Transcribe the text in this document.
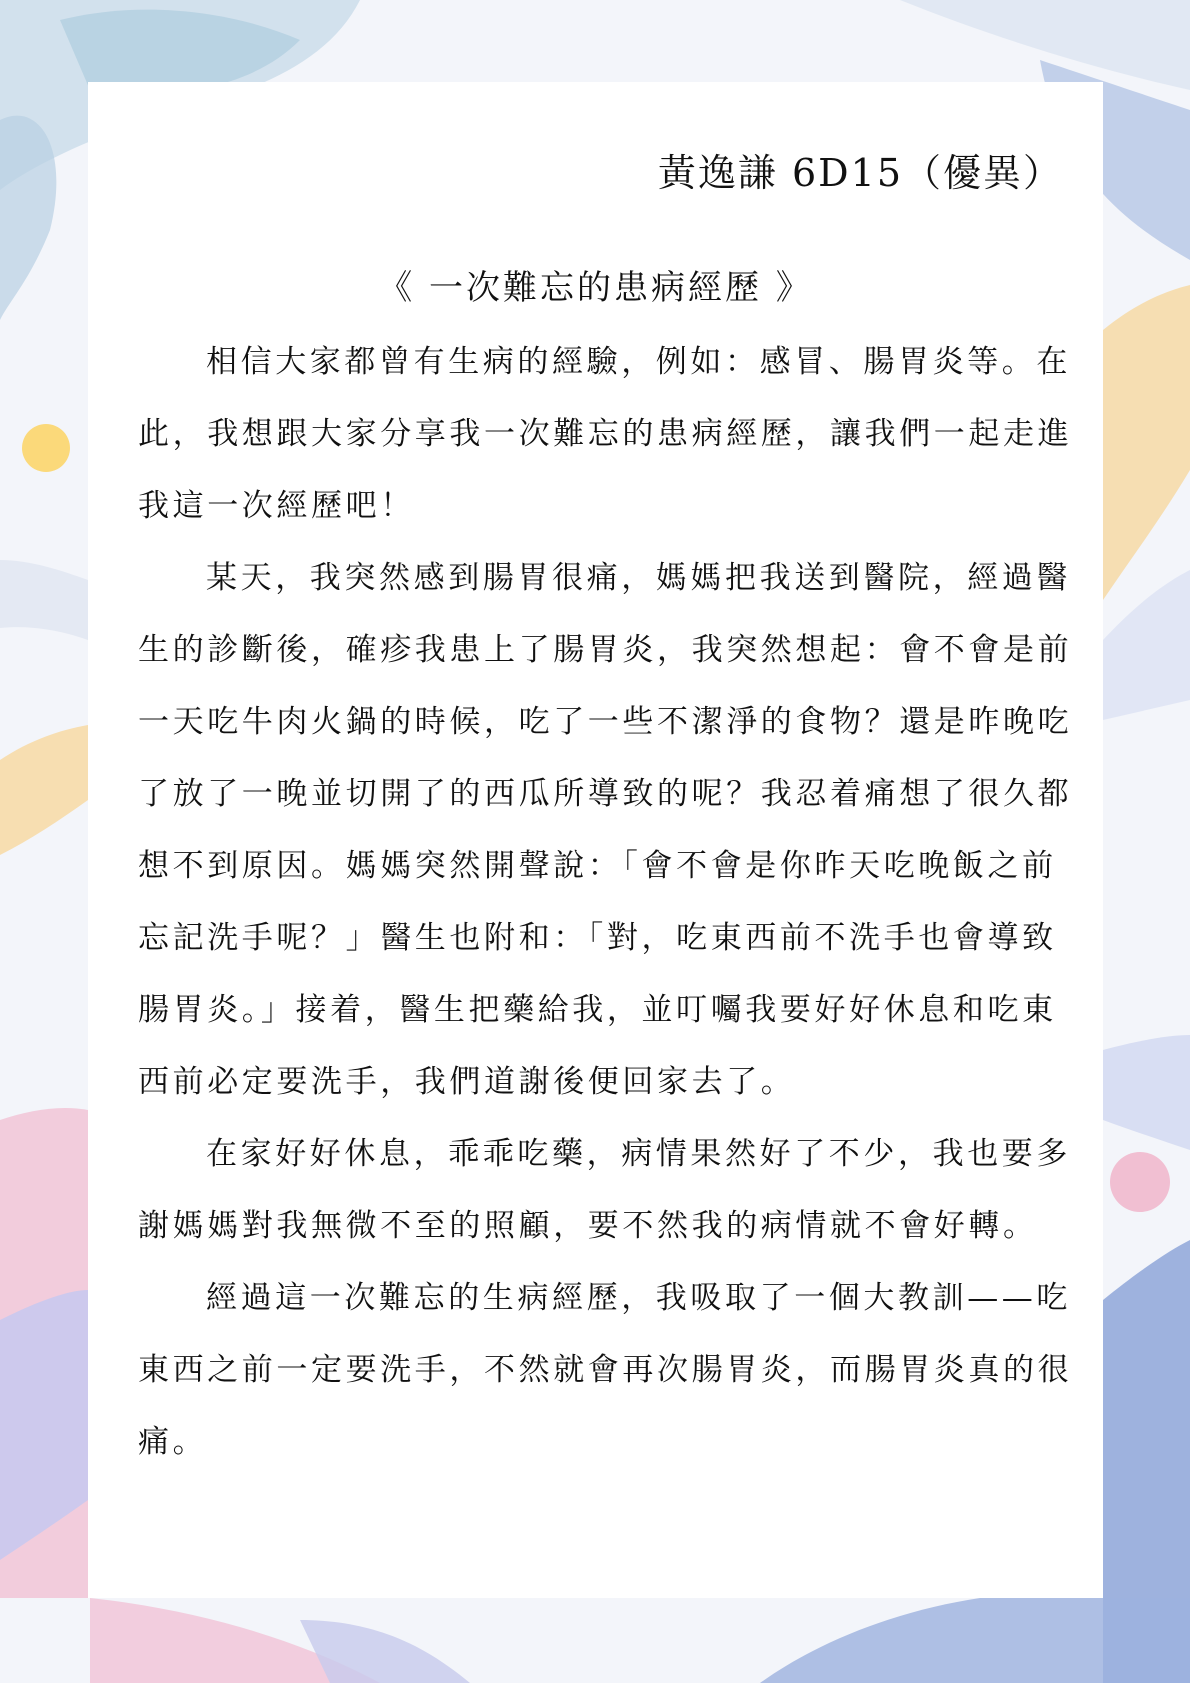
黃逸謙 6D15（優異）
《 一次難忘的患病經歷 》

相信大家都曾有生病的經驗，例如：感冒、腸胃炎等。在此，我想跟大家分享我一次難忘的患病經歷，讓我們一起走進我這一次經歷吧！

某天，我突然感到腸胃很痛，媽媽把我送到醫院，經過醫生的診斷後，確疹我患上了腸胃炎，我突然想起：會不會是前一天吃牛肉火鍋的時候，吃了一些不潔淨的食物？還是昨晚吃了放了一晚並切開了的西瓜所導致的呢？我忍着痛想了很久都想不到原因。媽媽突然開聲說：「會不會是你昨天吃晚飯之前忘記洗手呢？」醫生也附和：「對，吃東西前不洗手也會導致腸胃炎。」接着，醫生把藥給我，並叮囑我要好好休息和吃東西前必定要洗手，我們道謝後便回家去了。

在家好好休息，乖乖吃藥，病情果然好了不少，我也要多謝媽媽對我無微不至的照顧，要不然我的病情就不會好轉。

經過這一次難忘的生病經歷，我吸取了一個大教訓——吃東西之前一定要洗手，不然就會再次腸胃炎，而腸胃炎真的很痛。
